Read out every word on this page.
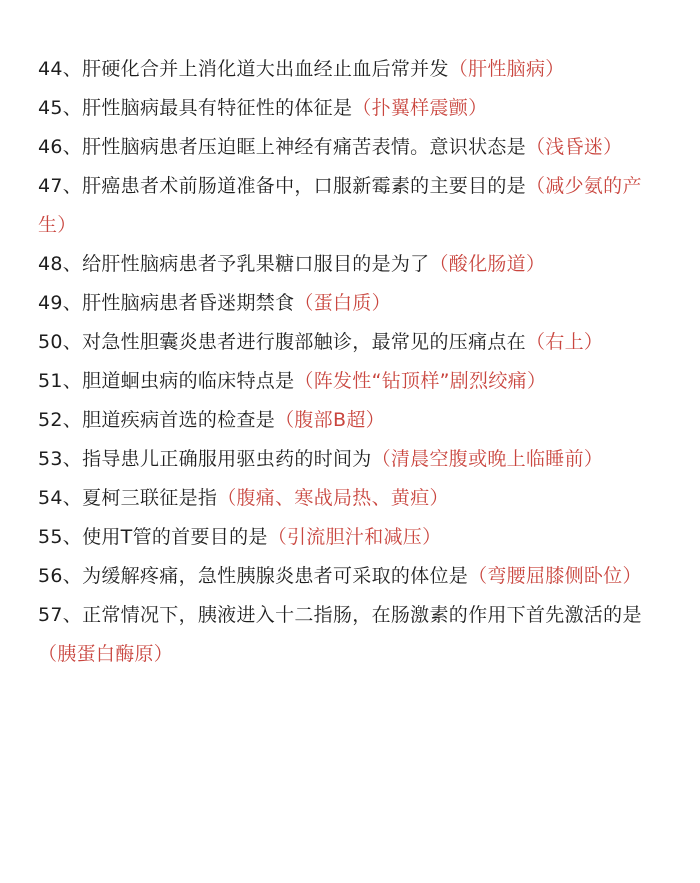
44、肝硬化合并上消化道大出血经止血后常并发（肝性脑病）

45、肝性脑病最具有特征性的体征是（扑翼样震颤）

46、肝性脑病患者压迫眶上神经有痛苦表情。意识状态是（浅昏迷）

47、肝癌患者术前肠道准备中，口服新霉素的主要目的是（减少氨的产生）

48、给肝性脑病患者予乳果糖口服目的是为了（酸化肠道）

49、肝性脑病患者昏迷期禁食（蛋白质）

50、对急性胆囊炎患者进行腹部触诊，最常见的压痛点在（右上）

51、胆道蛔虫病的临床特点是（阵发性“钻顶样”剧烈绞痛）

52、胆道疾病首选的检查是（腹部B超）

53、指导患儿正确服用驱虫药的时间为（清晨空腹或晚上临睡前）

54、夏柯三联征是指（腹痛、寒战局热、黄疸）

55、使用T管的首要目的是（引流胆汁和减压）

56、为缓解疼痛，急性胰腺炎患者可采取的体位是（弯腰屈膝侧卧位）

57、正常情况下，胰液进入十二指肠，在肠激素的作用下首先激活的是（胰蛋白酶原）
